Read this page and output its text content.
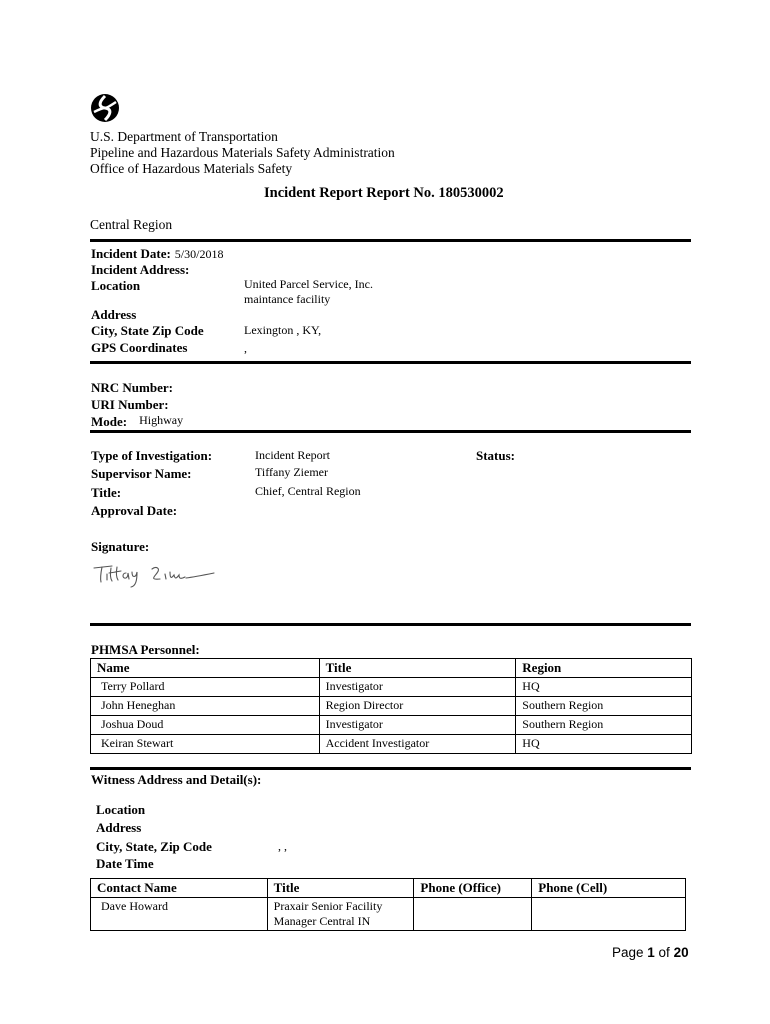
U.S. Department of Transportation
Pipeline and Hazardous Materials Safety Administration
Office of Hazardous Materials Safety
Incident Report Report No. 180530002
Central Region
Incident Date: 5/30/2018
Incident Address:
Location	United Parcel Service, Inc.
maintance facility
Address
City, State Zip Code	Lexington , KY,
GPS Coordinates	,
NRC Number:
URI Number:
Mode: Highway
Type of Investigation:	Incident Report	Status:
Supervisor Name:	Tiffany Ziemer
Title:	Chief, Central Region
Approval Date:
Signature:
PHMSA Personnel:
Name	Title	Region
Terry Pollard	Investigator	HQ
John Heneghan	Region Director	Southern Region
Joshua Doud	Investigator	Southern Region
Keiran Stewart	Accident Investigator	HQ
Witness Address and Detail(s):
Location
Address
City, State, Zip Code	, ,
Date Time
Contact Name	Title	Phone (Office)	Phone (Cell)
Dave Howard	Praxair Senior Facility Manager Central IN		
Page 1 of 20
